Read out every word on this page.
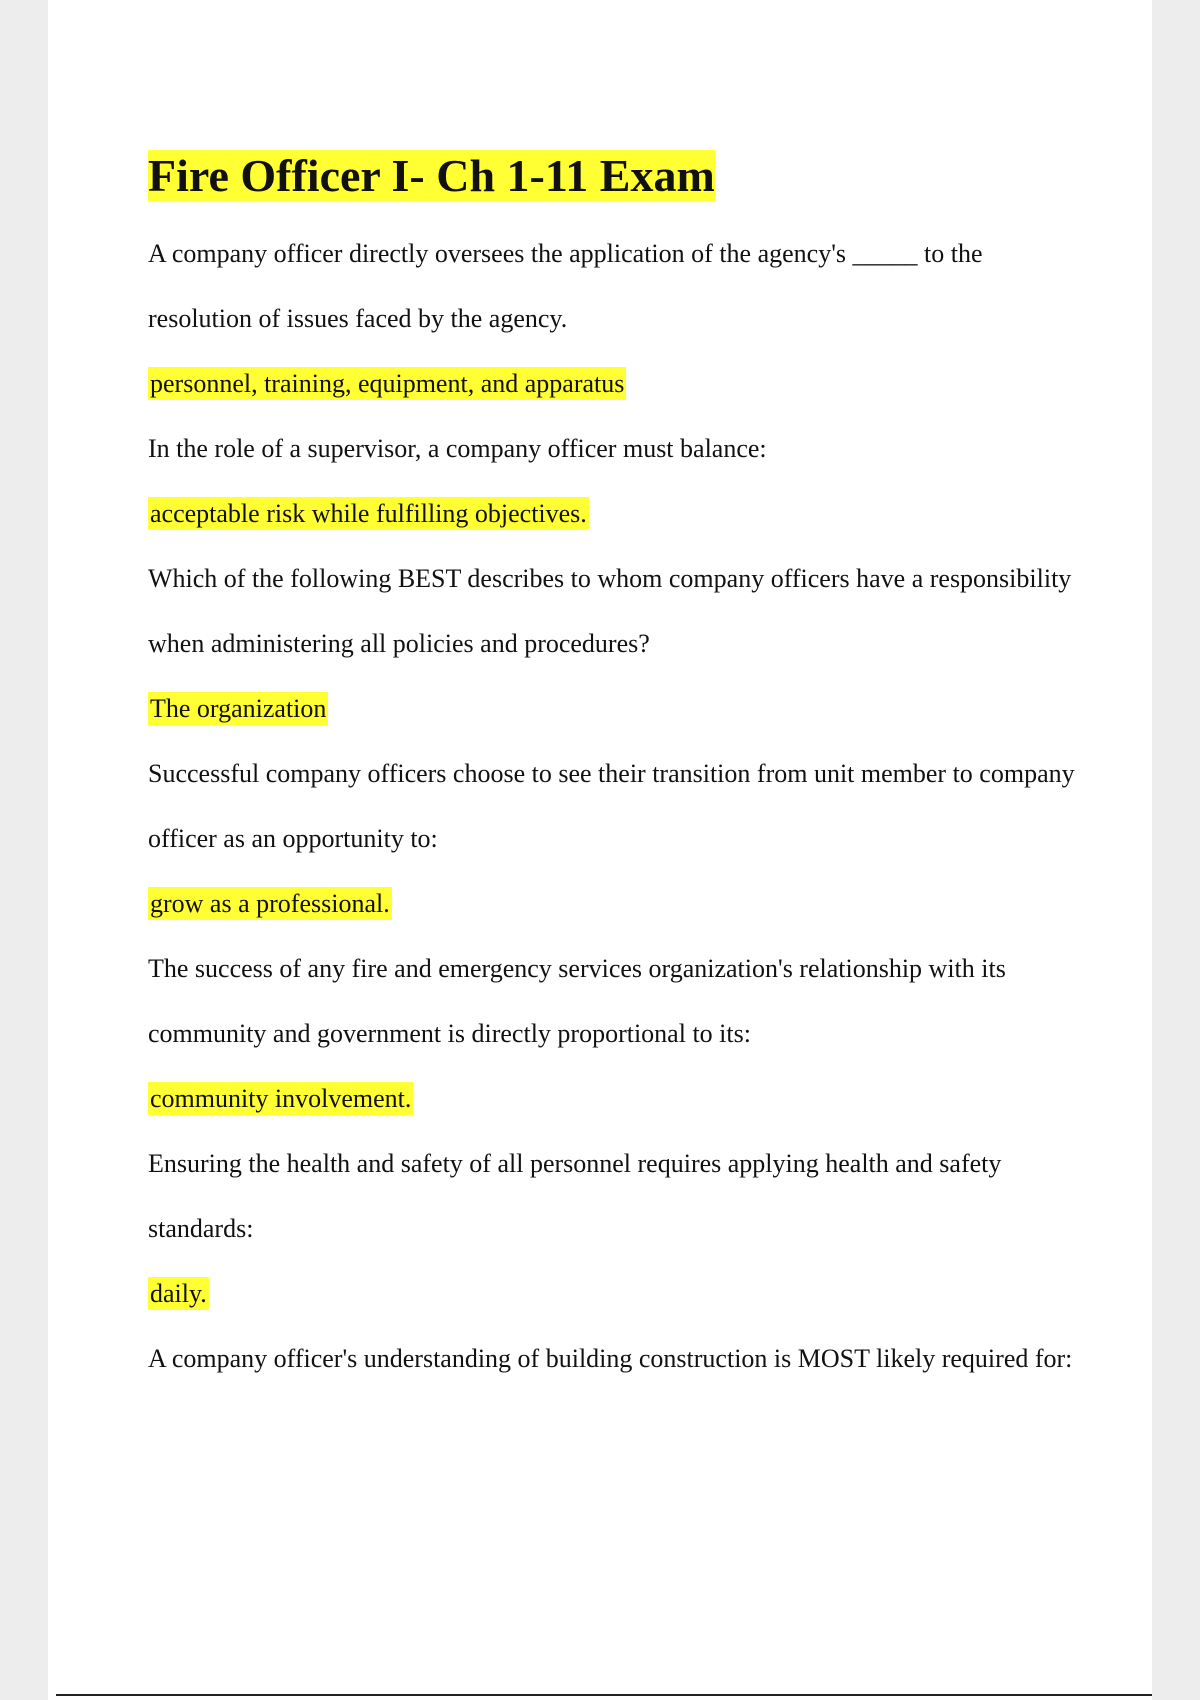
Fire Officer I- Ch 1-11 Exam

A company officer directly oversees the application of the agency's _____ to the resolution of issues faced by the agency.

personnel, training, equipment, and apparatus

In the role of a supervisor, a company officer must balance:

acceptable risk while fulfilling objectives.

Which of the following BEST describes to whom company officers have a responsibility when administering all policies and procedures?

The organization

Successful company officers choose to see their transition from unit member to company officer as an opportunity to:

grow as a professional.

The success of any fire and emergency services organization's relationship with its community and government is directly proportional to its:

community involvement.

Ensuring the health and safety of all personnel requires applying health and safety standards:

daily.

A company officer's understanding of building construction is MOST likely required for:
